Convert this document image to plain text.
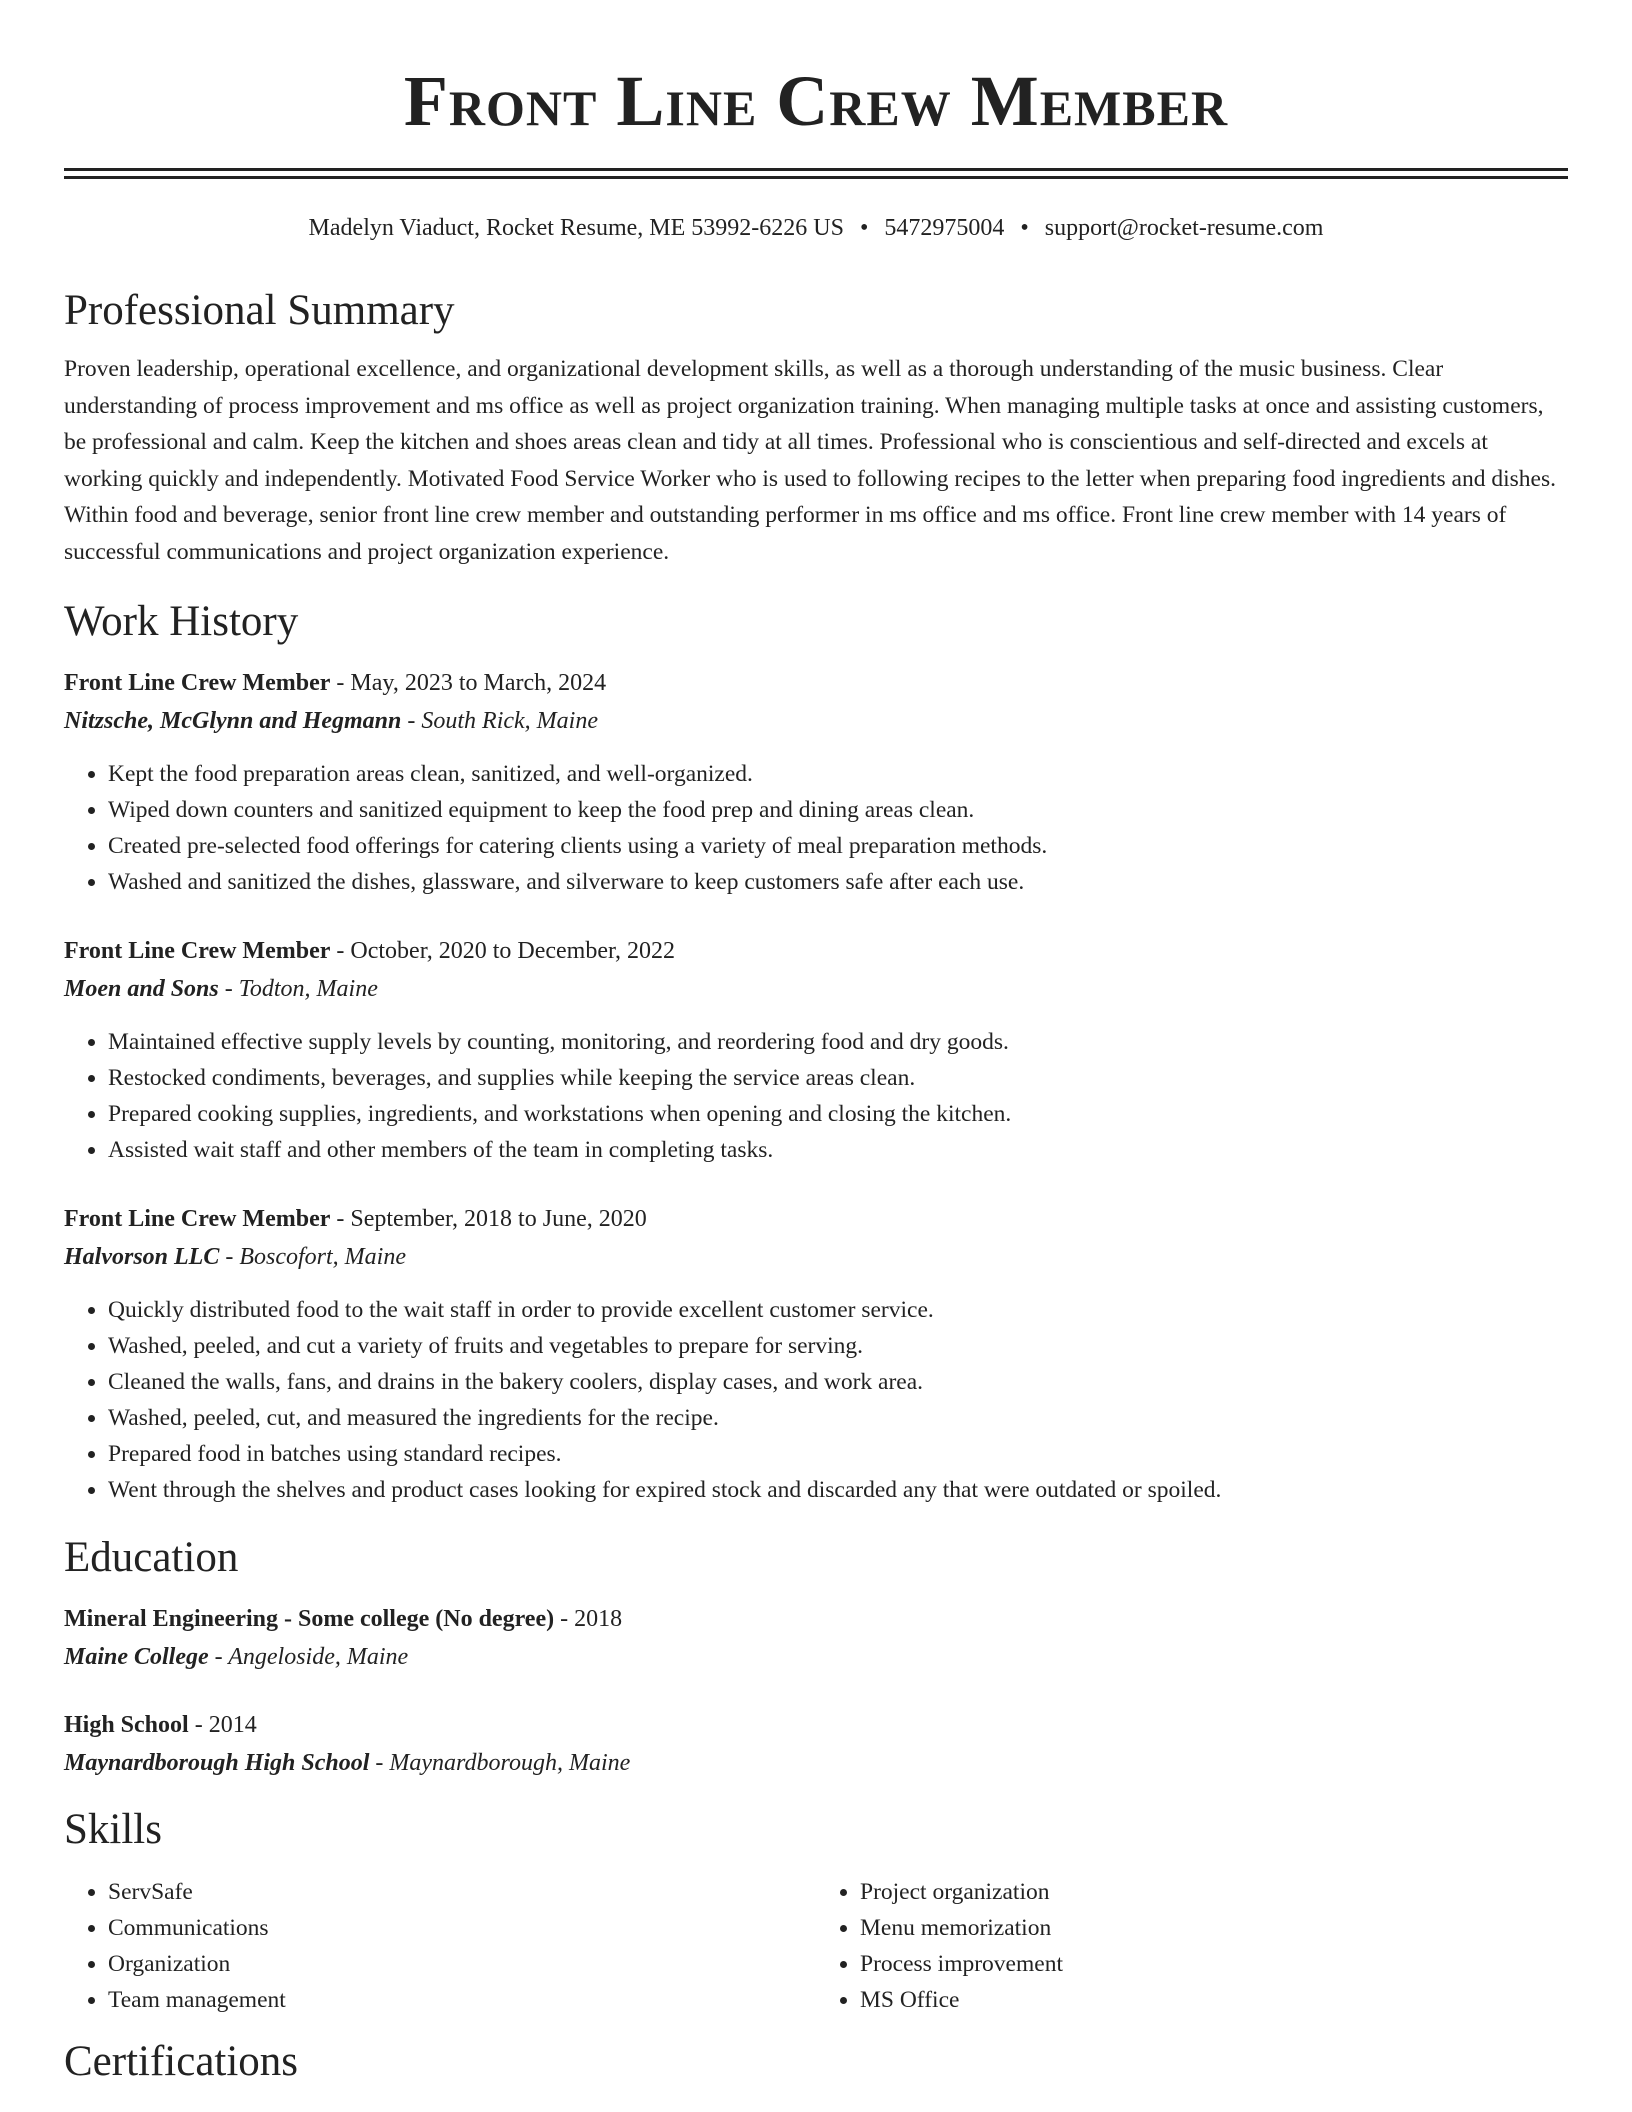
Front Line Crew Member
Madelyn Viaduct, Rocket Resume, ME 53992-6226 US • 5472975004 • support@rocket-resume.com
Professional Summary
Proven leadership, operational excellence, and organizational development skills, as well as a thorough understanding of the music business. Clear understanding of process improvement and ms office as well as project organization training. When managing multiple tasks at once and assisting customers, be professional and calm. Keep the kitchen and shoes areas clean and tidy at all times. Professional who is conscientious and self-directed and excels at working quickly and independently. Motivated Food Service Worker who is used to following recipes to the letter when preparing food ingredients and dishes. Within food and beverage, senior front line crew member and outstanding performer in ms office and ms office. Front line crew member with 14 years of successful communications and project organization experience.
Work History
Front Line Crew Member - May, 2023 to March, 2024
Nitzsche, McGlynn and Hegmann - South Rick, Maine
• Kept the food preparation areas clean, sanitized, and well-organized.
• Wiped down counters and sanitized equipment to keep the food prep and dining areas clean.
• Created pre-selected food offerings for catering clients using a variety of meal preparation methods.
• Washed and sanitized the dishes, glassware, and silverware to keep customers safe after each use.
Front Line Crew Member - October, 2020 to December, 2022
Moen and Sons - Todton, Maine
• Maintained effective supply levels by counting, monitoring, and reordering food and dry goods.
• Restocked condiments, beverages, and supplies while keeping the service areas clean.
• Prepared cooking supplies, ingredients, and workstations when opening and closing the kitchen.
• Assisted wait staff and other members of the team in completing tasks.
Front Line Crew Member - September, 2018 to June, 2020
Halvorson LLC - Boscofort, Maine
• Quickly distributed food to the wait staff in order to provide excellent customer service.
• Washed, peeled, and cut a variety of fruits and vegetables to prepare for serving.
• Cleaned the walls, fans, and drains in the bakery coolers, display cases, and work area.
• Washed, peeled, cut, and measured the ingredients for the recipe.
• Prepared food in batches using standard recipes.
• Went through the shelves and product cases looking for expired stock and discarded any that were outdated or spoiled.
Education
Mineral Engineering - Some college (No degree) - 2018
Maine College - Angeloside, Maine
High School - 2014
Maynardborough High School - Maynardborough, Maine
Skills
• ServSafe
• Communications
• Organization
• Team management
• Project organization
• Menu memorization
• Process improvement
• MS Office
Certifications
